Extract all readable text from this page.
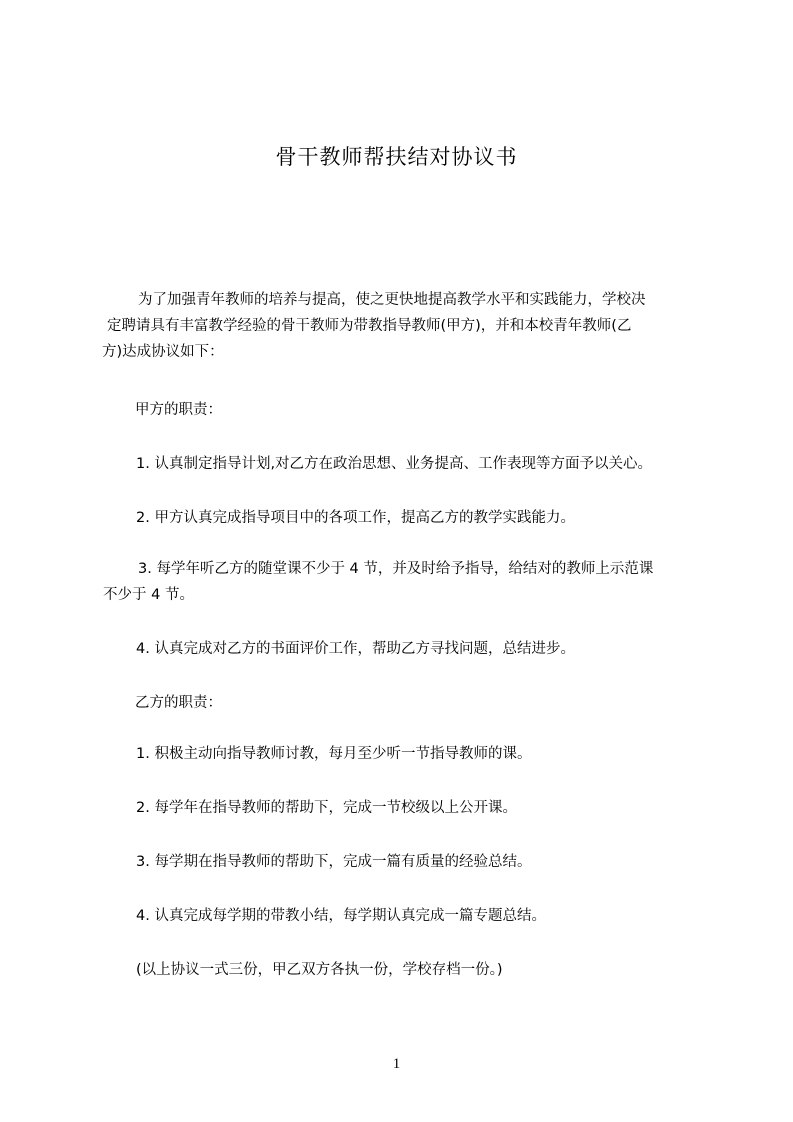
骨干教师帮扶结对协议书
为了加强青年教师的培养与提高，使之更快地提高教学水平和实践能力，学校决
定聘请具有丰富教学经验的骨干教师为带教指导教师(甲方)，并和本校青年教师(乙
方)达成协议如下：
甲方的职责：
1. 认真制定指导计划,对乙方在政治思想、业务提高、工作表现等方面予以关心。
2. 甲方认真完成指导项目中的各项工作，提高乙方的教学实践能力。
3. 每学年听乙方的随堂课不少于 4 节，并及时给予指导，给结对的教师上示范课
不少于 4 节。
4. 认真完成对乙方的书面评价工作，帮助乙方寻找问题，总结进步。
乙方的职责：
1. 积极主动向指导教师讨教，每月至少听一节指导教师的课。
2. 每学年在指导教师的帮助下，完成一节校级以上公开课。
3. 每学期在指导教师的帮助下，完成一篇有质量的经验总结。
4. 认真完成每学期的带教小结，每学期认真完成一篇专题总结。
(以上协议一式三份，甲乙双方各执一份，学校存档一份。)
1
